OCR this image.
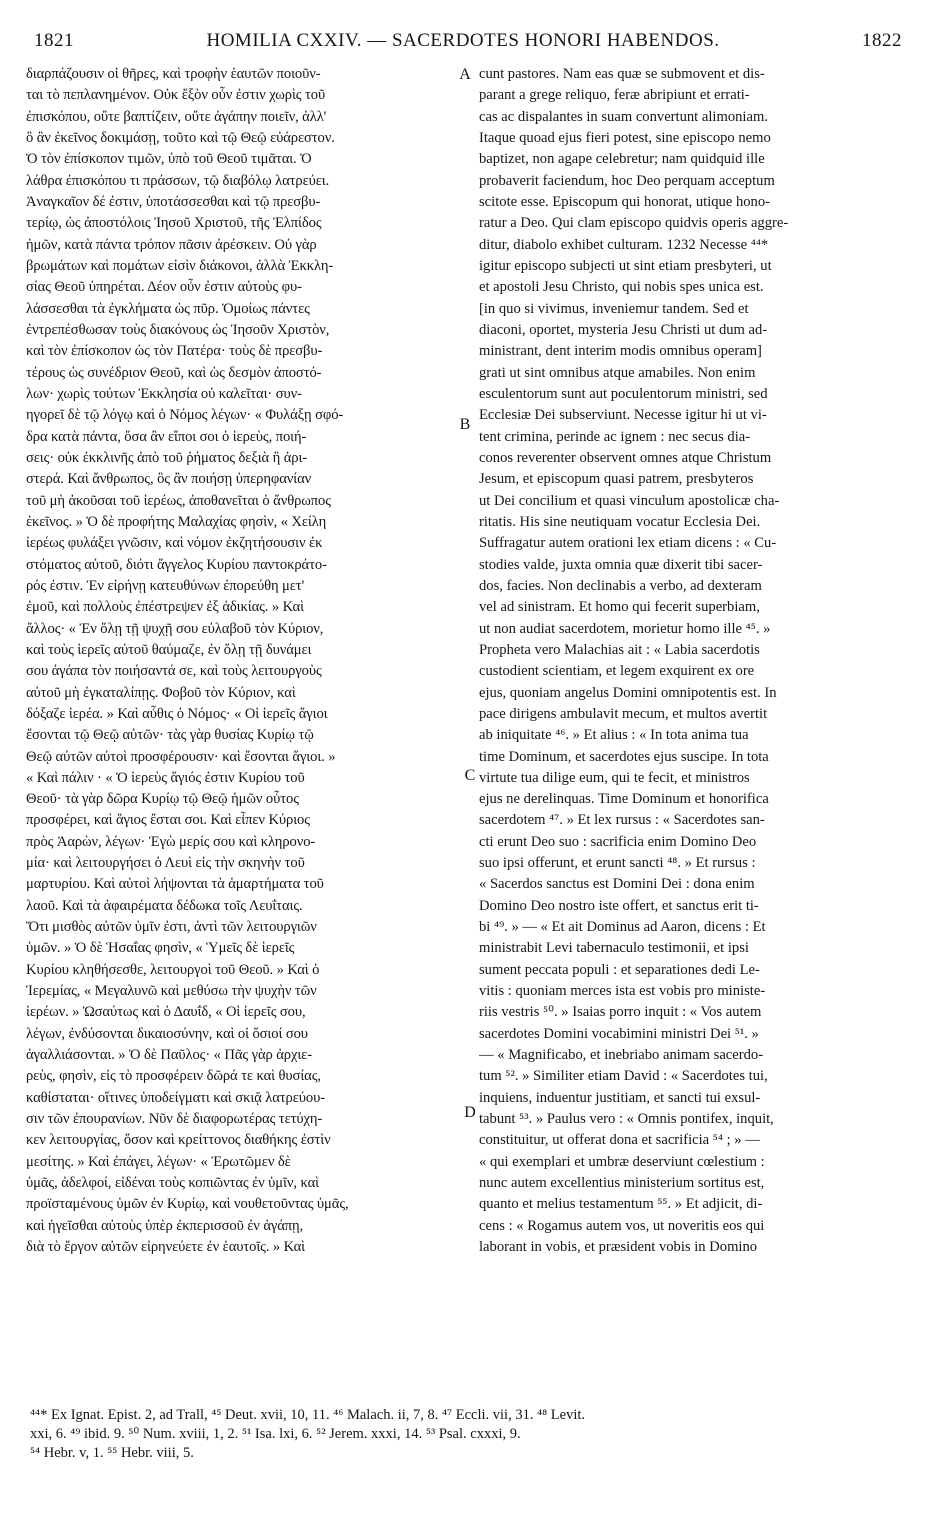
1821	HOMILIA CXXIV. — SACERDOTES HONORI HABENDOS.	1822
διαρπάζουσιν οἱ θῆρες, καὶ τροφὴν ἑαυτῶν ποιοῦν-
ται τὸ πεπλανημένον. Οὐκ ἔξὸν οὖν ἐστιν χωρὶς τοῦ
ἐπισκόπου, οὔτε βαπτίζειν, οὔτε ἀγάπην ποιεῖν, ἀλλ'
ὃ ἂν ἐκεῖνος δοκιμάσῃ, τοῦτο καὶ τῷ Θεῷ εὐάρεστον.
Ὁ τὸν ἐπίσκοπον τιμῶν, ὑπὸ τοῦ Θεοῦ τιμᾶται. Ὁ
λάθρα ἐπισκόπου τι πράσσων, τῷ διαβόλῳ λατρεύει.
Ἀναγκαῖον δέ ἐστιν, ὑποτάσσεσθαι καὶ τῷ πρεσβυ-
τερίῳ, ὡς ἀποστόλοις Ἰησοῦ Χριστοῦ, τῆς Ἐλπίδος
ἡμῶν, κατὰ πάντα τρόπον πᾶσιν ἀρέσκειν. Οὐ γὰρ
βρωμάτων καὶ πομάτων εἰσὶν διάκονοι, ἀλλὰ Ἐκκλη-
σίας Θεοῦ ὑπηρέται. Δέον οὖν ἐστιν αὐτοὺς φυ-
λάσσεσθαι τὰ ἐγκλήματα ὡς πῦρ. Ὁμοίως πάντες
ἐντρεπέσθωσαν τοὺς διακόνους ὡς Ἰησοῦν Χριστὸν,
καὶ τὸν ἐπίσκοπον ὡς τὸν Πατέρα· τοὺς δὲ πρεσβυ-
τέρους ὡς συνέδριον Θεοῦ, καὶ ὡς δεσμὸν ἀποστό-
λων· χωρὶς τούτων Ἐκκλησία οὐ καλεῖται· συν-
ηγορεῖ δὲ τῷ λόγῳ καὶ ὁ Νόμος λέγων· « Φυλάξῃ σφό-
δρα κατὰ πάντα, ὅσα ἂν εἴποι σοι ὁ ἱερεὺς, ποιή-
σεις· οὐκ ἐκκλινῆς ἀπὸ τοῦ ῥήματος δεξιὰ ἢ ἀρι-
στερά. Καὶ ἄνθρωπος, ὃς ἂν ποιήσῃ ὑπερηφανίαν
τοῦ μὴ ἀκοῦσαι τοῦ ἱερέως, ἀποθανεῖται ὁ ἄνθρωπος
ἐκεῖνος. » Ὁ δὲ προφήτης Μαλαχίας φησὶν, « Χείλη
ἱερέως φυλάξει γνῶσιν, καὶ νόμον ἐκζητήσουσιν ἐκ
στόματος αὐτοῦ, διότι ἄγγελος Κυρίου παντοκράτο-
ρός ἐστιν. Ἐν εἰρήνῃ κατευθύνων ἐπορεύθη μετ'
ἐμοῦ, καὶ πολλοὺς ἐπέστρεψεν ἐξ ἀδικίας. » Καὶ
ἄλλος· « Ἐν ὅλῃ τῇ ψυχῇ σου εὐλαβοῦ τὸν Κύριον,
καὶ τοὺς ἱερεῖς αὐτοῦ θαύμαζε, ἐν ὅλῃ τῇ δυνάμει
σου ἀγάπα τὸν ποιήσαντά σε, καὶ τοὺς λειτουργοὺς
αὐτοῦ μὴ ἐγκαταλίπῃς. Φοβοῦ τὸν Κύριον, καὶ
δόξαζε ἱερέα. » Καὶ αὖθις ὁ Νόμος· « Οἱ ἱερεῖς ἅγιοι
ἔσονται τῷ Θεῷ αὐτῶν· τὰς γὰρ θυσίας Κυρίῳ τῷ
Θεῷ αὐτῶν αὐτοὶ προσφέρουσιν· καὶ ἔσονται ἅγιοι. »
« Καὶ πάλιν · « Ὁ ἱερεὺς ἅγιός ἐστιν Κυρίου τοῦ
Θεοῦ· τὰ γὰρ δῶρα Κυρίῳ τῷ Θεῷ ἡμῶν οὗτος
προσφέρει, καὶ ἅγιος ἔσται σοι. Καὶ εἶπεν Κύριος
πρὸς Ἀαρὼν, λέγων· Ἐγὼ μερίς σου καὶ κληρονο-
μία· καὶ λειτουργήσει ὁ Λευὶ εἰς τὴν σκηνὴν τοῦ
μαρτυρίου. Καὶ αὐτοὶ λήψονται τὰ ἁμαρτήματα τοῦ
λαοῦ. Καὶ τὰ ἀφαιρέματα δέδωκα τοῖς Λευΐταις.
Ὅτι μισθὸς αὐτῶν ὑμῖν ἐστι, ἀντὶ τῶν λειτουργιῶν
ὑμῶν. » Ὁ δὲ Ἡσαΐας φησὶν, « Ὑμεῖς δὲ ἱερεῖς
Κυρίου κληθήσεσθε, λειτουργοὶ τοῦ Θεοῦ. » Καὶ ὁ
Ἱερεμίας, « Μεγαλυνῶ καὶ μεθύσω τὴν ψυχὴν τῶν
ἱερέων. » Ὡσαύτως καὶ ὁ Δαυΐδ, « Οἱ ἱερεῖς σου,
λέγων, ἐνδύσονται δικαιοσύνην, καὶ οἱ ὅσιοί σου
ἀγαλλιάσονται. » Ὁ δὲ Παῦλος· « Πᾶς γὰρ ἀρχιε-
ρεὺς, φησὶν, εἰς τὸ προσφέρειν δῶρά τε καὶ θυσίας,
καθίσταται· οἵτινες ὑποδείγματι καὶ σκιᾷ λατρεύου-
σιν τῶν ἐπουρανίων. Νῦν δὲ διαφορωτέρας τετύχη-
κεν λειτουργίας, ὅσον καὶ κρείττονος διαθήκης ἐστὶν
μεσίτης. » Καὶ ἐπάγει, λέγων· « Ἐρωτῶμεν δὲ
ὑμᾶς, ἀδελφοί, εἰδέναι τοὺς κοπιῶντας ἐν ὑμῖν, καὶ
προϊσταμένους ὑμῶν ἐν Κυρίῳ, καὶ νουθετοῦντας ὑμᾶς,
καὶ ἡγεῖσθαι αὐτοὺς ὑπὲρ ἐκπερισσοῦ ἐν ἀγάπῃ,
διὰ τὸ ἔργον αὐτῶν εἰρηνεύετε ἐν ἑαυτοῖς. » Καὶ
A
B
C
D
cunt pastores. Nam eas quæ se submovent et dis-
parant a grege reliquo, feræ abripiunt et errati-
cas ac dispalantes in suam convertunt alimoniam.
Itaque quoad ejus fieri potest, sine episcopo nemo
baptizet, non agape celebretur; nam quidquid ille
probaverit faciendum, hoc Deo perquam acceptum
scitote esse. Episcopum qui honorat, utique hono-
ratur a Deo. Qui clam episcopo quidvis operis aggre-
ditur, diabolo exhibet culturam. 1232 Necesse ⁴⁴*
igitur episcopo subjecti ut sint etiam presbyteri, ut
et apostoli Jesu Christo, qui nobis spes unica est.
[in quo si vivimus, inveniemur tandem. Sed et
diaconi, oportet, mysteria Jesu Christi ut dum ad-
ministrant, dent interim modis omnibus operam]
grati ut sint omnibus atque amabiles. Non enim
esculentorum sunt aut poculentorum ministri, sed
Ecclesiæ Dei subserviunt. Necesse igitur hi ut vi-
tent crimina, perinde ac ignem : nec secus dia-
conos reverenter observent omnes atque Christum
Jesum, et episcopum quasi patrem, presbyteros
ut Dei concilium et quasi vinculum apostolicæ cha-
ritatis. His sine neutiquam vocatur Ecclesia Dei.
Suffragatur autem orationi lex etiam dicens : « Cu-
stodies valde, juxta omnia quæ dixerit tibi sacer-
dos, facies. Non declinabis a verbo, ad dexteram
vel ad sinistram. Et homo qui fecerit superbiam,
ut non audiat sacerdotem, morietur homo ille ⁴⁵. »
Propheta vero Malachias ait : « Labia sacerdotis
custodient scientiam, et legem exquirent ex ore
ejus, quoniam angelus Domini omnipotentis est. In
pace dirigens ambulavit mecum, et multos avertit
ab iniquitate ⁴⁶. » Et alius : « In tota anima tua
time Dominum, et sacerdotes ejus suscipe. In tota
virtute tua dilige eum, qui te fecit, et ministros
ejus ne derelinquas. Time Dominum et honorifica
sacerdotem ⁴⁷. » Et lex rursus : « Sacerdotes san-
cti erunt Deo suo : sacrificia enim Domino Deo
suo ipsi offerunt, et erunt sancti ⁴⁸. » Et rursus :
« Sacerdos sanctus est Domini Dei : dona enim
Domino Deo nostro iste offert, et sanctus erit ti-
bi ⁴⁹. » — « Et ait Dominus ad Aaron, dicens : Et
ministrabit Levi tabernaculo testimonii, et ipsi
sument peccata populi : et separationes dedi Le-
vitis : quoniam merces ista est vobis pro ministe-
riis vestris ⁵⁰. » Isaias porro inquit : « Vos autem
sacerdotes Domini vocabimini ministri Dei ⁵¹. »
— « Magnificabo, et inebriabo animam sacerdo-
tum ⁵². » Similiter etiam David : « Sacerdotes tui,
inquiens, induentur justitiam, et sancti tui exsul-
tabunt ⁵³. » Paulus vero : « Omnis pontifex, inquit,
constituitur, ut offerat dona et sacrificia ⁵⁴ ; » —
« qui exemplari et umbræ deserviunt cœlestium :
nunc autem excellentius ministerium sortitus est,
quanto et melius testamentum ⁵⁵. » Et adjicit, di-
cens : « Rogamus autem vos, ut noveritis eos qui
laborant in vobis, et præsident vobis in Domino
⁴⁴* Ex Ignat. Epist. 2, ad Trall, ⁴⁵ Deut. xvii, 10, 11. ⁴⁶ Malach. ii, 7, 8. ⁴⁷ Eccli. vii, 31. ⁴⁸ Levit.
xxi, 6. ⁴⁹ ibid. 9. ⁵⁰ Num. xviii, 1, 2. ⁵¹ Isa. lxi, 6. ⁵² Jerem. xxxi, 14. ⁵³ Psal. cxxxi, 9.
⁵⁴ Hebr. v, 1. ⁵⁵ Hebr. viii, 5.
